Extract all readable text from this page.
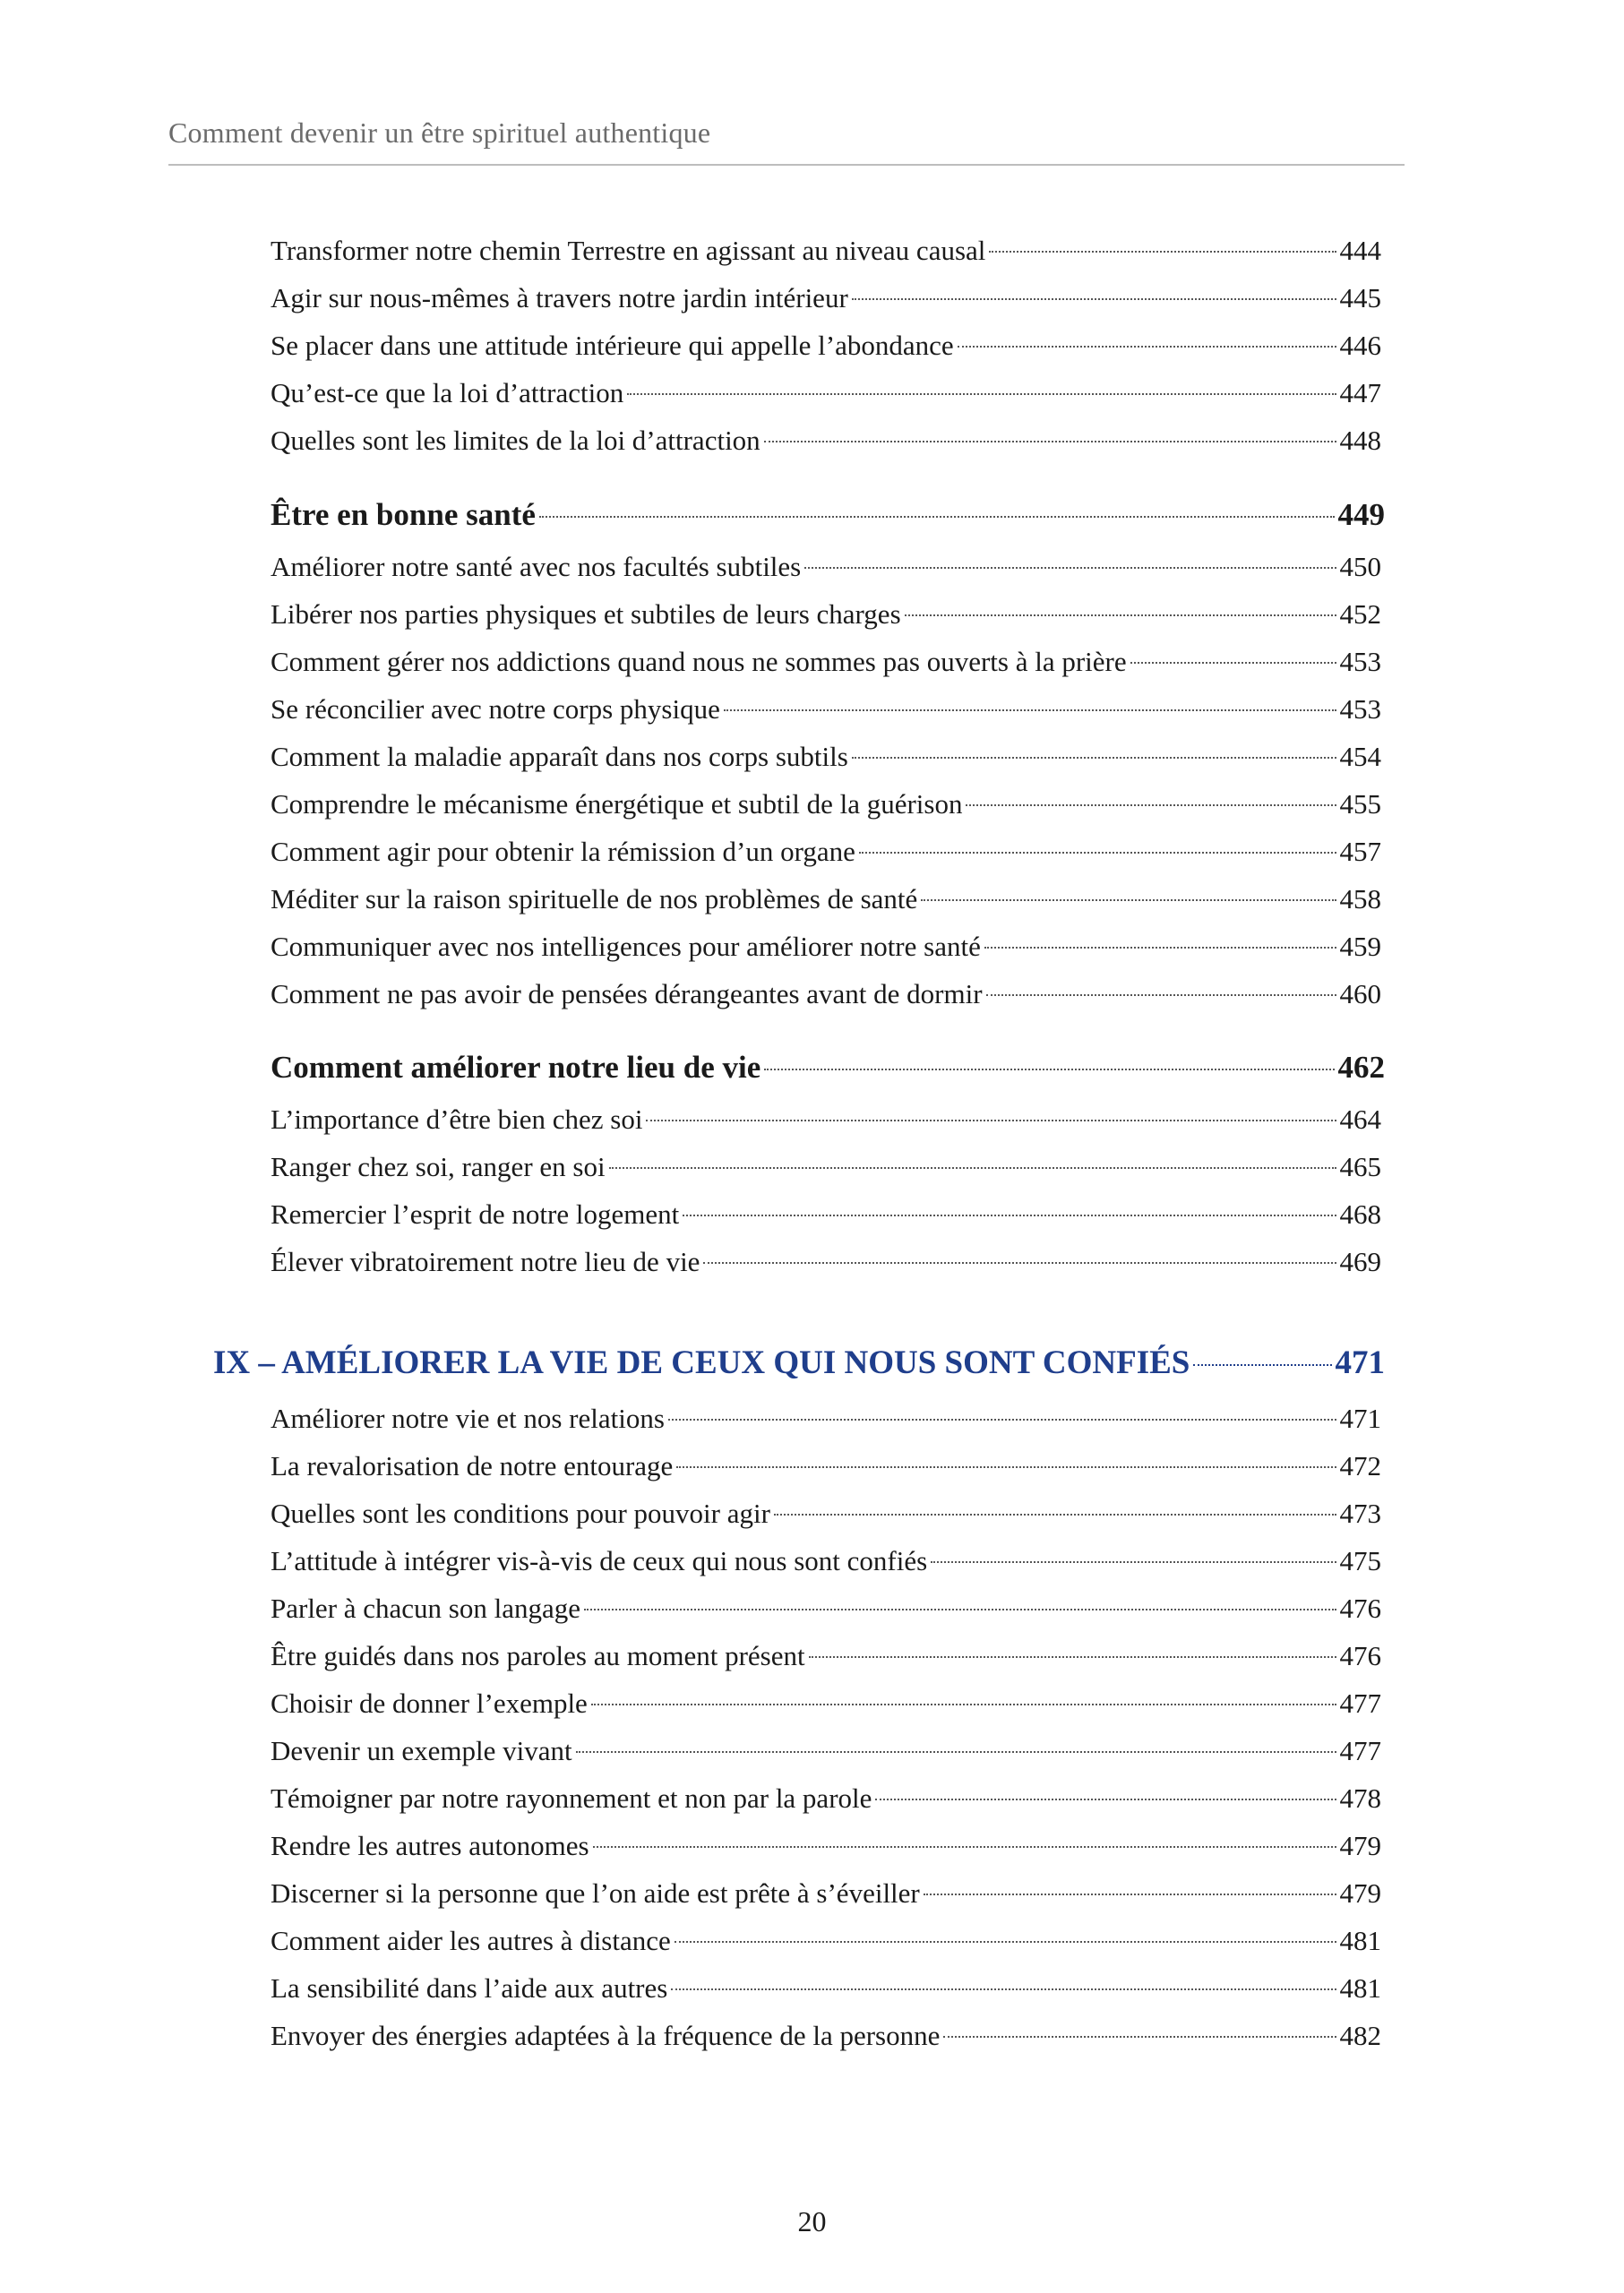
Comment devenir un être spirituel authentique
Transformer notre chemin Terrestre en agissant au niveau causal	444
Agir sur nous-mêmes à travers notre jardin intérieur	445
Se placer dans une attitude intérieure qui appelle l’abondance	446
Qu’est-ce que la loi d’attraction	447
Quelles sont les limites de la loi d’attraction	448
Être en bonne santé	449
Améliorer notre santé avec nos facultés subtiles	450
Libérer nos parties physiques et subtiles de leurs charges	452
Comment gérer nos addictions quand nous ne sommes pas ouverts à la prière	453
Se réconcilier avec notre corps physique	453
Comment la maladie apparaît dans nos corps subtils	454
Comprendre le mécanisme énergétique et subtil de la guérison	455
Comment agir pour obtenir la rémission d’un organe	457
Méditer sur la raison spirituelle de nos problèmes de santé	458
Communiquer avec nos intelligences pour améliorer notre santé	459
Comment ne pas avoir de pensées dérangeantes avant de dormir	460
Comment améliorer notre lieu de vie	462
L’importance d’être bien chez soi	464
Ranger chez soi, ranger en soi	465
Remercier l’esprit de notre logement	468
Élever vibratoirement notre lieu de vie	469
IX – AMÉLIORER LA VIE DE CEUX QUI NOUS SONT CONFIÉS	471
Améliorer notre vie et nos relations	471
La revalorisation de notre entourage	472
Quelles sont les conditions pour pouvoir agir	473
L’attitude à intégrer vis-à-vis de ceux qui nous sont confiés	475
Parler à chacun son langage	476
Être guidés dans nos paroles au moment présent	476
Choisir de donner l’exemple	477
Devenir un exemple vivant	477
Témoigner par notre rayonnement et non par la parole	478
Rendre les autres autonomes	479
Discerner si la personne que l’on aide est prête à s’éveiller	479
Comment aider les autres à distance	481
La sensibilité dans l’aide aux autres	481
Envoyer des énergies adaptées à la fréquence de la personne	482
20
